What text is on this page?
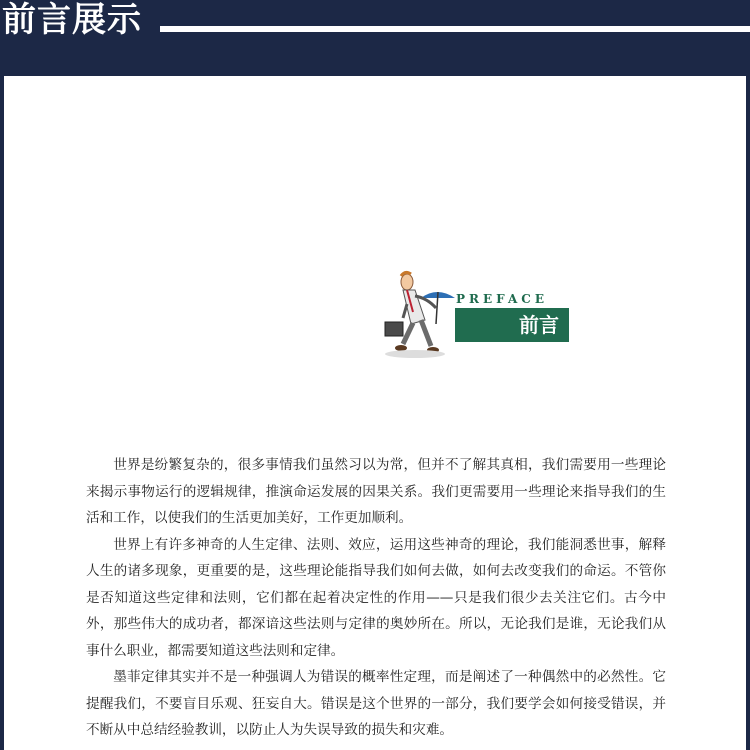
前言展示
PREFACE
前言

世界是纷繁复杂的，很多事情我们虽然习以为常，但并不了解其真相，我们需要用一些理论来揭示事物运行的逻辑规律，推演命运发展的因果关系。我们更需要用一些理论来指导我们的生活和工作，以使我们的生活更加美好，工作更加顺利。

世界上有许多神奇的人生定律、法则、效应，运用这些神奇的理论，我们能洞悉世事，解释人生的诸多现象，更重要的是，这些理论能指导我们如何去做，如何去改变我们的命运。不管你是否知道这些定律和法则，它们都在起着决定性的作用——只是我们很少去关注它们。古今中外，那些伟大的成功者，都深谙这些法则与定律的奥妙所在。所以，无论我们是谁，无论我们从事什么职业，都需要知道这些法则和定律。

墨菲定律其实并不是一种强调人为错误的概率性定理，而是阐述了一种偶然中的必然性。它提醒我们，不要盲目乐观、狂妄自大。错误是这个世界的一部分，我们要学会如何接受错误，并不断从中总结经验教训，以防止人为失误导致的损失和灾难。
